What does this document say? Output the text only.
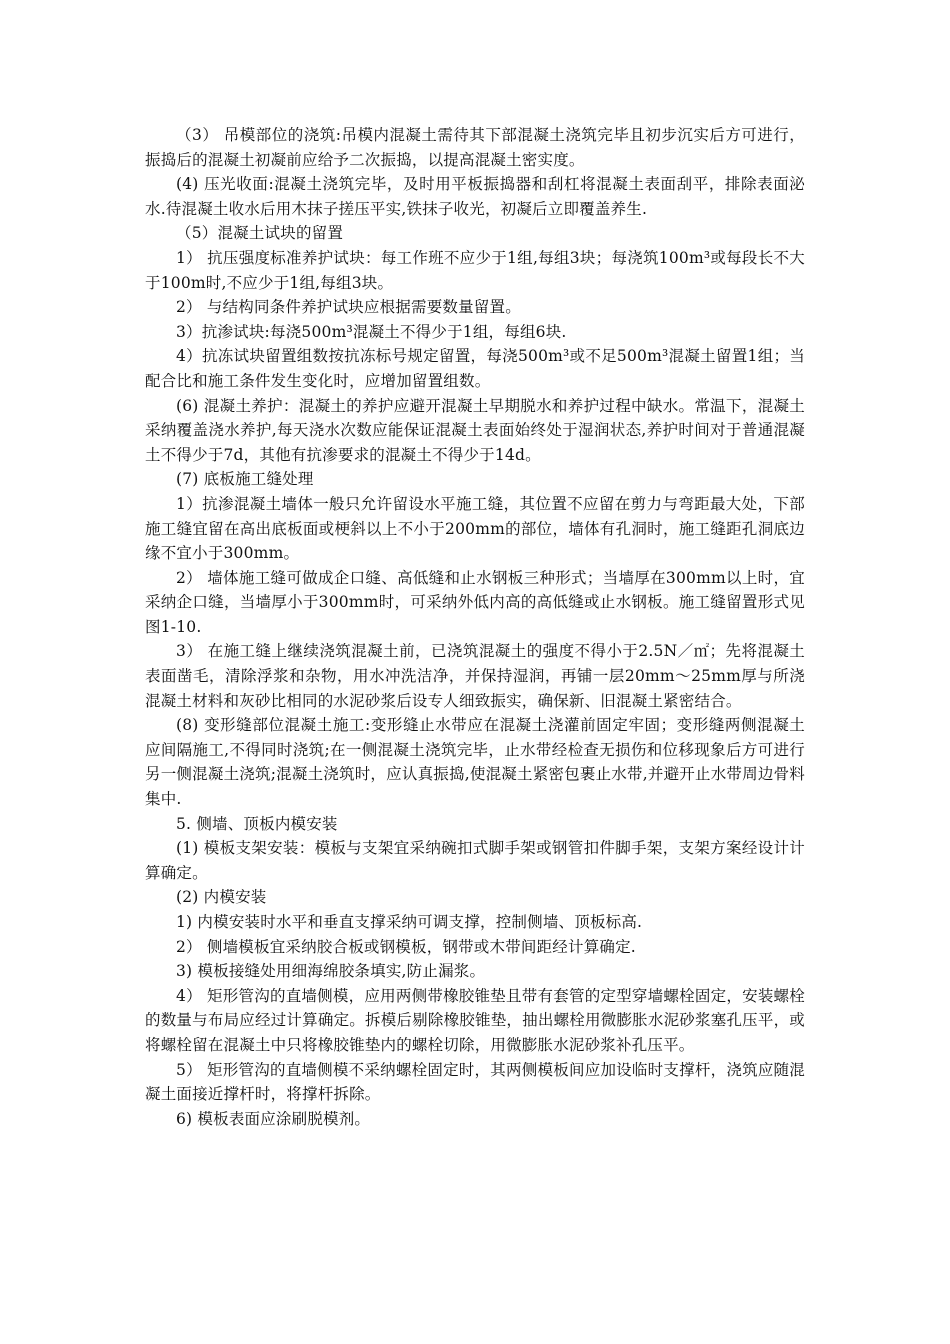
（3） 吊模部位的浇筑:吊模内混凝土需待其下部混凝土浇筑完毕且初步沉实后方可进行，振捣后的混凝土初凝前应给予二次振捣，以提高混凝土密实度。

(4) 压光收面:混凝土浇筑完毕，及时用平板振捣器和刮杠将混凝土表面刮平，排除表面泌水.待混凝土收水后用木抹子搓压平实,铁抹子收光，初凝后立即覆盖养生.

（5）混凝土试块的留置

1） 抗压强度标准养护试块：每工作班不应少于1组,每组3块；每浇筑100m³或每段长不大于100m时,不应少于1组,每组3块。

2） 与结构同条件养护试块应根据需要数量留置。

3）抗渗试块:每浇500m³混凝土不得少于1组，每组6块.

4）抗冻试块留置组数按抗冻标号规定留置，每浇500m³或不足500m³混凝土留置1组；当配合比和施工条件发生变化时，应增加留置组数。

(6) 混凝土养护：混凝土的养护应避开混凝土早期脱水和养护过程中缺水。常温下，混凝土采纳覆盖浇水养护,每天浇水次数应能保证混凝土表面始终处于湿润状态,养护时间对于普通混凝土不得少于7d，其他有抗渗要求的混凝土不得少于14d。

(7) 底板施工缝处理

1）抗渗混凝土墙体一般只允许留设水平施工缝，其位置不应留在剪力与弯距最大处，下部施工缝宜留在高出底板面或梗斜以上不小于200mm的部位，墙体有孔洞时，施工缝距孔洞底边缘不宜小于300mm。

2） 墙体施工缝可做成企口缝、高低缝和止水钢板三种形式；当墙厚在300mm以上时，宜采纳企口缝，当墙厚小于300mm时，可采纳外低内高的高低缝或止水钢板。施工缝留置形式见图1-10.

3） 在施工缝上继续浇筑混凝土前，已浇筑混凝土的强度不得小于2.5N／㎡；先将混凝土表面凿毛，清除浮浆和杂物，用水冲洗洁净，并保持湿润，再铺一层20mm～25mm厚与所浇混凝土材料和灰砂比相同的水泥砂浆后设专人细致振实，确保新、旧混凝土紧密结合。

(8) 变形缝部位混凝土施工:变形缝止水带应在混凝土浇灌前固定牢固；变形缝两侧混凝土应间隔施工,不得同时浇筑;在一侧混凝土浇筑完毕，止水带经检查无损伤和位移现象后方可进行另一侧混凝土浇筑;混凝土浇筑时，应认真振捣,使混凝土紧密包裹止水带,并避开止水带周边骨料集中.

5. 侧墙、顶板内模安装

(1) 模板支架安装：模板与支架宜采纳碗扣式脚手架或钢管扣件脚手架，支架方案经设计计算确定。

(2) 内模安装

1) 内模安装时水平和垂直支撑采纳可调支撑，控制侧墙、顶板标高.

2） 侧墙模板宜采纳胶合板或钢模板，钢带或木带间距经计算确定.

3) 模板接缝处用细海绵胶条填实,防止漏浆。

4） 矩形管沟的直墙侧模，应用两侧带橡胶锥垫且带有套管的定型穿墙螺栓固定，安装螺栓的数量与布局应经过计算确定。拆模后剔除橡胶锥垫，抽出螺栓用微膨胀水泥砂浆塞孔压平，或将螺栓留在混凝土中只将橡胶锥垫内的螺栓切除，用微膨胀水泥砂浆补孔压平。

5） 矩形管沟的直墙侧模不采纳螺栓固定时，其两侧模板间应加设临时支撑杆，浇筑应随混凝土面接近撑杆时，将撑杆拆除。

6) 模板表面应涂刷脱模剂。
